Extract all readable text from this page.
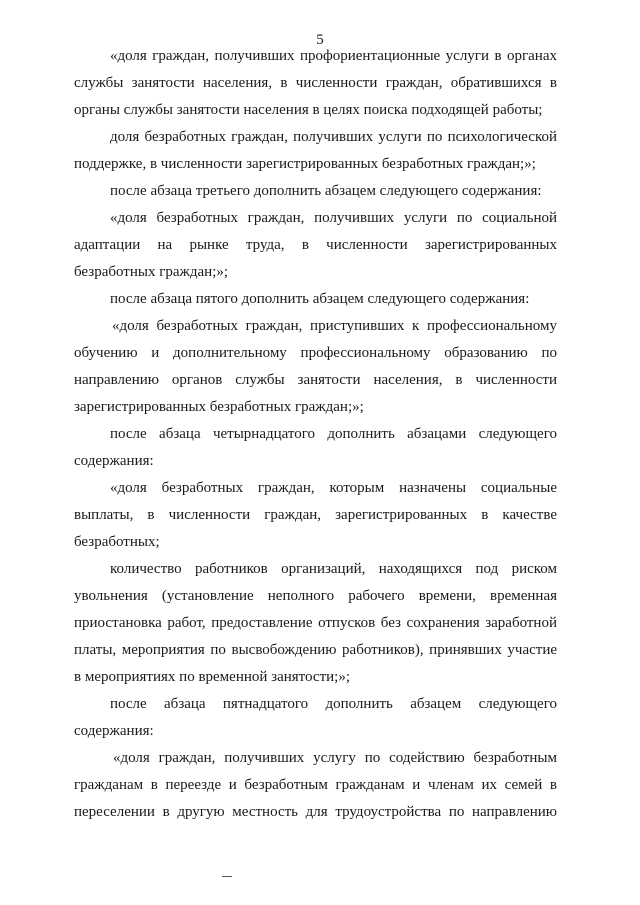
5
«доля граждан, получивших профориентационные услуги в органах
службы занятости населения, в численности граждан, обратившихся в
органы службы занятости населения в целях поиска подходящей работы;
доля безработных граждан, получивших услуги по психологической
поддержке, в численности зарегистрированных безработных граждан;»;
после абзаца третьего дополнить абзацем следующего содержания:
«доля безработных граждан, получивших услуги по социальной
адаптации на рынке труда, в численности зарегистрированных
безработных граждан;»;
после абзаца пятого дополнить абзацем следующего содержания:
«доля безработных граждан, приступивших к профессиональному
обучению и дополнительному профессиональному образованию по
направлению органов службы занятости населения, в численности
зарегистрированных безработных граждан;»;
после абзаца четырнадцатого дополнить абзацами следующего
содержания:
«доля безработных граждан, которым назначены социальные
выплаты, в численности граждан, зарегистрированных в качестве
безработных;
количество работников организаций, находящихся под риском
увольнения (установление неполного рабочего времени, временная
приостановка работ, предоставление отпусков без сохранения заработной
платы, мероприятия по высвобождению работников), принявших участие
в мероприятиях по временной занятости;»;
после абзаца пятнадцатого дополнить абзацем следующего
содержания:
«доля граждан, получивших услугу по содействию безработным
гражданам в переезде и безработным гражданам и членам их семей в
переселении в другую местность для трудоустройства по направлению
